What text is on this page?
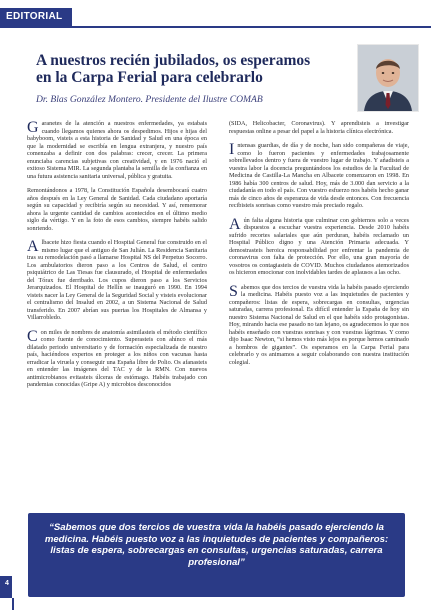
EDITORIAL
A nuestros recién jubilados, os esperamos
en la Carpa Ferial para celebrarlo
Dr. Blas González Montero. Presidente del Ilustre COMAB

G aranetes de la atención a nuestros enfermedades, ya estabais cuando llegamos quienes ahora os despedimos. Hijos e hijas del babyboom, visteis a esta historia de Sanidad y Salud en una época en que la modernidad se escribía en lengua extranjera, y nuestro país comenzaba a definir con dos palabras: crecer, crecer. La primera enunciaba carencias subjetivas con creatividad, y en 1976 nació el exitoso Sistema MIR. La segunda plantaba la semilla de la confianza en una futura asistencia sanitaria universal, pública y gratuita.

Remontándonos a 1978, la Constitución Española desembocará cuatro años después en la Ley General de Sanidad. Cada ciudadano aportaría según su capacidad y recibiría según su necesidad. Y así, rememorar ahora la urgente cantidad de cambios acontecidos en el último medio siglo da vértigo. Y en la foto de esos cambios, siempre habéis salido sonriendo.

A lbacete hizo fiesta cuando el Hospital General fue construido en el mismo lugar que el antiguo de San Julián. La Residencia Sanitaria tras su remodelación pasó a llamarse Hospital NS del Perpetuo Socorro. Los ambulatorios dieron paso a los Centros de Salud, el centro psiquiátrico de Las Tiesas fue clausurado, el Hospital de enfermedades del Tórax fue derribado. Los cupos dieron paso a los Servicios Jerarquizados. El Hospital de Hellín se inauguró en 1990. En 1994 visteis nacer la Ley General de la Seguridad Social y visteis evolucionar el centralismo del Insalud en 2002, a un Sistema Nacional de Salud transferido. En 2007 abrían sus puertas los Hospitales de Almansa y Villarrobledo.

C on miles de nombres de anatomía asimilasteis el método científico como fuente de conocimiento. Superasteis con ahínco el más dilatado periodo universitario y de formación especializada de nuestro país, haciéndoos expertos en proteger a los niños con vacunas hasta erradicar la viruela y conseguir una España libre de Polio. Os afanasteis en entender las imágenes del TAC y de la RMN. Con nuevos antimicrobianos evitasteis úlceras de estómago. Habéis trabajado con pandemias conocidas (Gripe A) y microbios desconocidos

(SIDA, Helicobacter, Coronavirus). Y aprendisteis a investigar respuestas online a pesar del papel a la historia clínica electrónica.

I ntensas guardias, de día y de noche, han sido compañeras de viaje, como lo fueron pacientes y enfermedades trabajosamente sobrellevados dentro y fuera de vuestro lugar de trabajo. Y añadisteis a vuestra labor la docencia preguntándoos los estudios de la Facultad de Medicina de Castilla-La Mancha en Albacete comenzaron en 1998. En 1986 había 300 centros de salud. Hoy, más de 3.000 dan servicio a la ciudadanía en todo el país. Con vuestro esfuerzo nos habéis hecho ganar más de cinco años de esperanza de vida desde entonces. Con frecuencia recibisteis sonrisas como vuestro más preciado regalo.

A ún falta alguna historia que culminar con gobiernos solo a veces dispuestos a escuchar vuestra experiencia. Desde 2010 habéis sufrido recortes salariales que aún perduran, habéis reclamado un Hospital Público digno y una Atención Primaria adecuada. Y demostrasteis heroica responsabilidad por enfrentar la pandemia de coronavirus con falta de protección. Por ello, una gran mayoría de vosotros os contagiasteis de COVID. Muchos ciudadanos atemorizados os hicieron emocionar con inolvidables tardes de aplausos a las ocho.

S abemos que dos tercios de vuestra vida la habéis pasado ejerciendo la medicina. Habéis puesto voz a las inquietudes de pacientes y compañeros: listas de espera, sobrecargas en consultas, urgencias saturadas, carrera profesional. Es difícil entender la España de hoy sin nuestro Sistema Nacional de Salud en el que habéis sido protagonistas. Hoy, mirando hacia ese pasado no tan lejano, os agradecemos lo que nos habéis enseñado con vuestras sonrisas y con vuestras lágrimas. Y como dijo Isaac Newton, “si hemos visto más lejos es porque hemos caminado a hombros de gigantes”. Os esperamos en la Carpa Ferial para celebrarlo y os animamos a seguir colaborando con nuestra institución colegial.

“Sabemos que dos tercios de vuestra vida la habéis pasado ejerciendo la medicina. Habéis puesto voz a las inquietudes de pacientes y compañeros: listas de espera, sobrecargas en consultas, urgencias saturadas, carrera profesional”
4
